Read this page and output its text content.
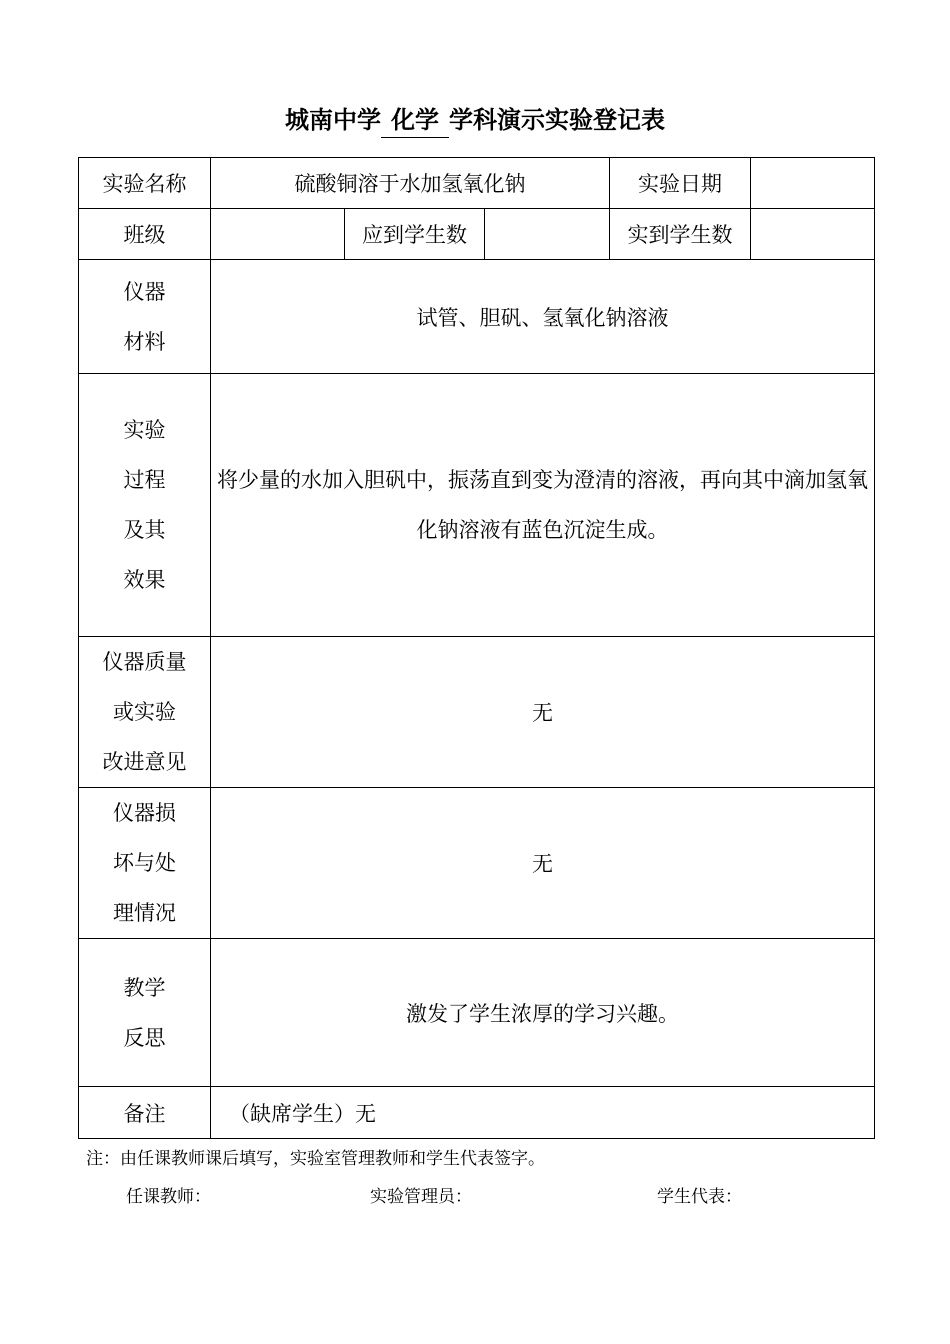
城南中学 化学 学科演示实验登记表
实验名称	硫酸铜溶于水加氢氧化钠			实验日期	
班级		应到学生数		实到学生数	

仪器
材料	试管、胆矾、氢氧化钠溶液				

实验
过程
及其
效果	将少量的水加入胆矾中，振荡直到变为澄清的溶液，再向其中滴加氢氧化钠溶液有蓝色沉淀生成。				

仪器质量
或实验
改进意见	无				

仪器损
坏与处
理情况	无				

教学
反思	激发了学生浓厚的学习兴趣。				
备注	（缺席学生）无				
注：由任课教师课后填写，实验室管理教师和学生代表签字。
任课教师：	实验管理员：	学生代表：
